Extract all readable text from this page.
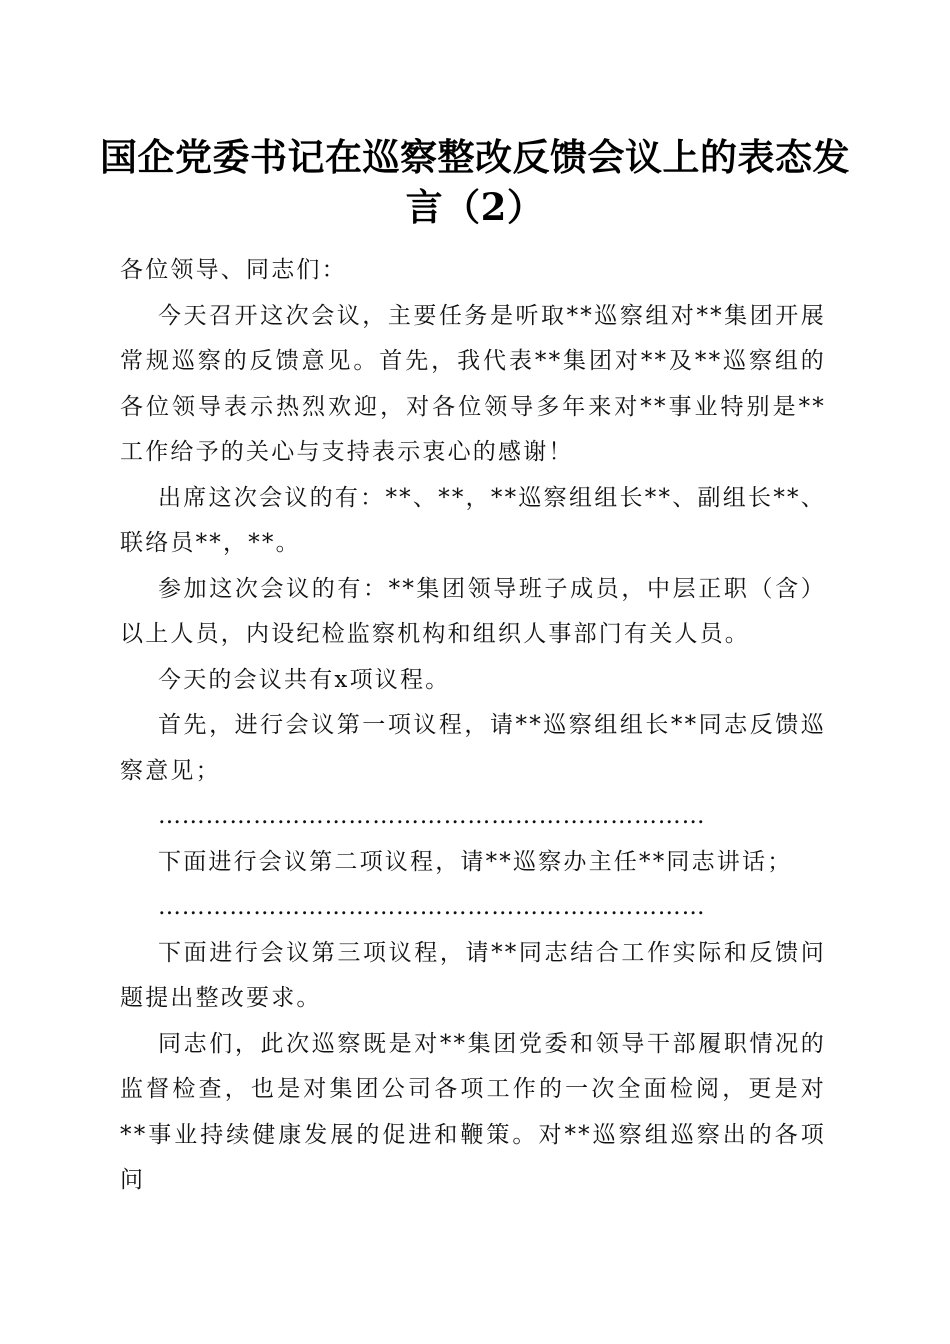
国企党委书记在巡察整改反馈会议上的表态发言（2）

各位领导、同志们：

今天召开这次会议，主要任务是听取**巡察组对**集团开展常规巡察的反馈意见。首先，我代表**集团对**及**巡察组的各位领导表示热烈欢迎，对各位领导多年来对**事业特别是**工作给予的关心与支持表示衷心的感谢！

出席这次会议的有：**、**，**巡察组组长**、副组长**、联络员**，**。

参加这次会议的有：**集团领导班子成员，中层正职（含）以上人员，内设纪检监察机构和组织人事部门有关人员。

今天的会议共有x项议程。

首先，进行会议第一项议程，请**巡察组组长**同志反馈巡察意见；

……………………………………………………………

下面进行会议第二项议程，请**巡察办主任**同志讲话；

……………………………………………………………

下面进行会议第三项议程，请**同志结合工作实际和反馈问题提出整改要求。

同志们，此次巡察既是对**集团党委和领导干部履职情况的监督检查，也是对集团公司各项工作的一次全面检阅，更是对**事业持续健康发展的促进和鞭策。对**巡察组巡察出的各项问
